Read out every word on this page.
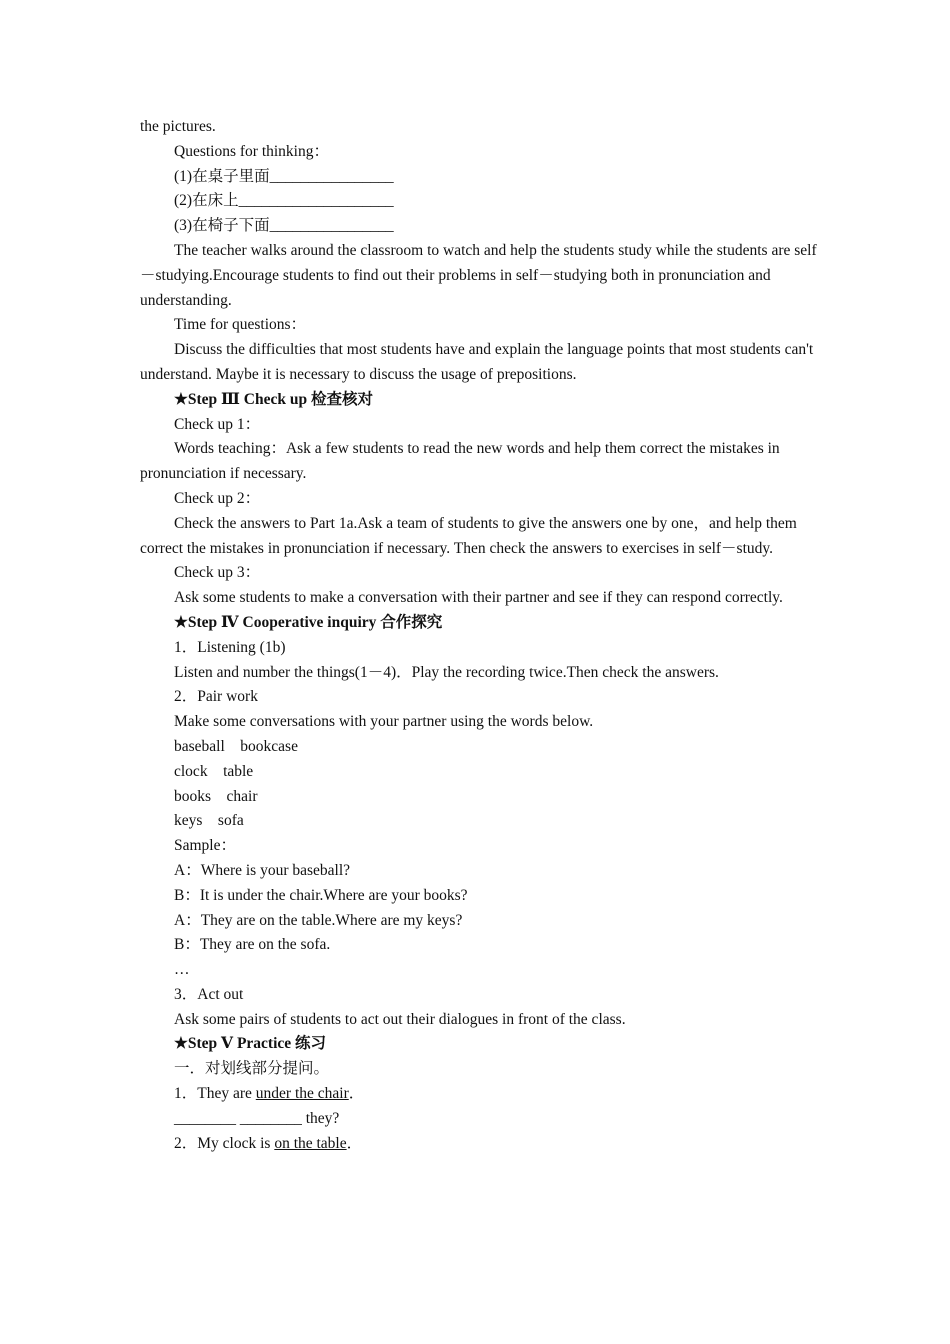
the pictures.

Questions for thinking：

(1)在桌子里面________________

(2)在床上____________________

(3)在椅子下面________________

The teacher walks around the classroom to watch and help the students study while the students are self－studying.Encourage students to find out their problems in self－studying both in pronunciation and understanding.

Time for questions：

Discuss the difficulties that most students have and explain the language points that most students can't understand. Maybe it is necessary to discuss the usage of prepositions.

★Step Ⅲ Check up 检查核对

Check up 1：

Words teaching：Ask a few students to read the new words and help them correct the mistakes in pronunciation if necessary.

Check up 2：

Check the answers to Part 1a.Ask a team of students to give the answers one by one，and help them correct the mistakes in pronunciation if necessary. Then check the answers to exercises in self－study.

Check up 3：

Ask some students to make a conversation with their partner and see if they can respond correctly.

★Step Ⅳ Cooperative inquiry 合作探究

1．Listening (1b)

Listen and number the things(1－4)．Play the recording twice.Then check the answers.

2．Pair work

Make some conversations with your partner using the words below.

baseball    bookcase

clock    table

books    chair

keys    sofa

Sample：

A：Where is your baseball?

B：It is under the chair.Where are your books?

A：They are on the table.Where are my keys?

B：They are on the sofa.

…

3．Act out

Ask some pairs of students to act out their dialogues in front of the class.

★Step Ⅴ Practice 练习

一．对划线部分提问。

1．They are under the chair．

________ ________ they?

2．My clock is on the table．
